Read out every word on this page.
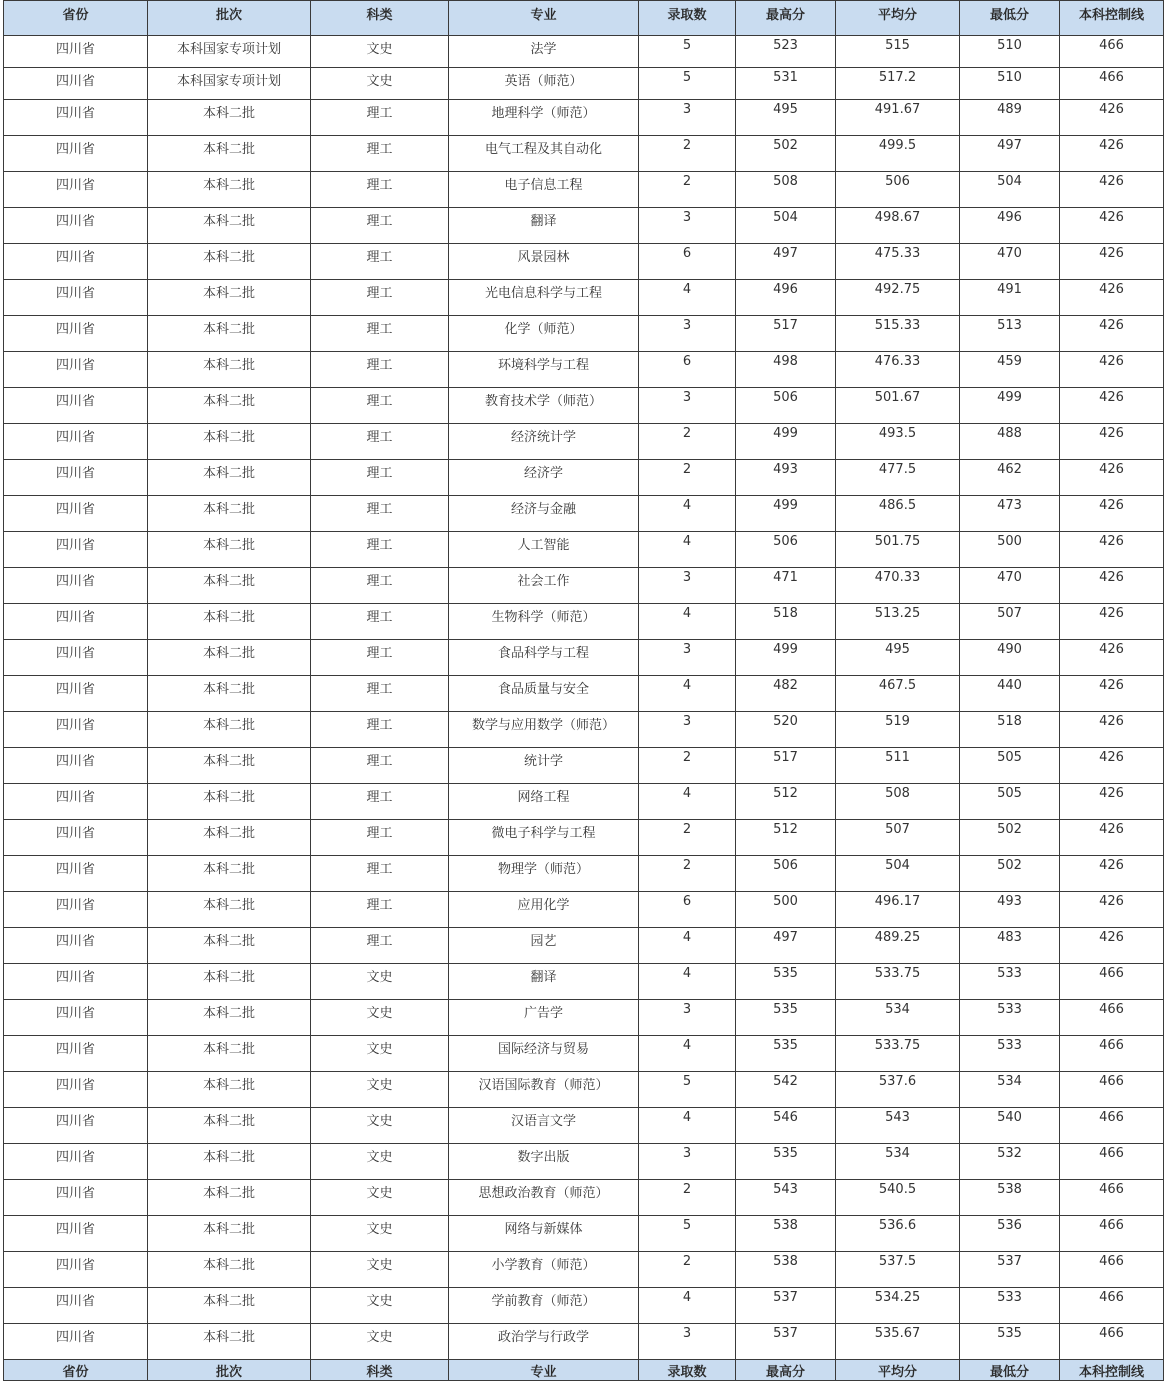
省份	批次	科类	专业	录取数	最高分	平均分	最低分	本科控制线
四川省	本科国家专项计划	文史	法学	5	523	515	510	466
四川省	本科国家专项计划	文史	英语（师范）	5	531	517.2	510	466
四川省	本科二批	理工	地理科学（师范）	3	495	491.67	489	426
四川省	本科二批	理工	电气工程及其自动化	2	502	499.5	497	426
四川省	本科二批	理工	电子信息工程	2	508	506	504	426
四川省	本科二批	理工	翻译	3	504	498.67	496	426
四川省	本科二批	理工	风景园林	6	497	475.33	470	426
四川省	本科二批	理工	光电信息科学与工程	4	496	492.75	491	426
四川省	本科二批	理工	化学（师范）	3	517	515.33	513	426
四川省	本科二批	理工	环境科学与工程	6	498	476.33	459	426
四川省	本科二批	理工	教育技术学（师范）	3	506	501.67	499	426
四川省	本科二批	理工	经济统计学	2	499	493.5	488	426
四川省	本科二批	理工	经济学	2	493	477.5	462	426
四川省	本科二批	理工	经济与金融	4	499	486.5	473	426
四川省	本科二批	理工	人工智能	4	506	501.75	500	426
四川省	本科二批	理工	社会工作	3	471	470.33	470	426
四川省	本科二批	理工	生物科学（师范）	4	518	513.25	507	426
四川省	本科二批	理工	食品科学与工程	3	499	495	490	426
四川省	本科二批	理工	食品质量与安全	4	482	467.5	440	426
四川省	本科二批	理工	数学与应用数学（师范）	3	520	519	518	426
四川省	本科二批	理工	统计学	2	517	511	505	426
四川省	本科二批	理工	网络工程	4	512	508	505	426
四川省	本科二批	理工	微电子科学与工程	2	512	507	502	426
四川省	本科二批	理工	物理学（师范）	2	506	504	502	426
四川省	本科二批	理工	应用化学	6	500	496.17	493	426
四川省	本科二批	理工	园艺	4	497	489.25	483	426
四川省	本科二批	文史	翻译	4	535	533.75	533	466
四川省	本科二批	文史	广告学	3	535	534	533	466
四川省	本科二批	文史	国际经济与贸易	4	535	533.75	533	466
四川省	本科二批	文史	汉语国际教育（师范）	5	542	537.6	534	466
四川省	本科二批	文史	汉语言文学	4	546	543	540	466
四川省	本科二批	文史	数字出版	3	535	534	532	466
四川省	本科二批	文史	思想政治教育（师范）	2	543	540.5	538	466
四川省	本科二批	文史	网络与新媒体	5	538	536.6	536	466
四川省	本科二批	文史	小学教育（师范）	2	538	537.5	537	466
四川省	本科二批	文史	学前教育（师范）	4	537	534.25	533	466
四川省	本科二批	文史	政治学与行政学	3	537	535.67	535	466
省份	批次	科类	专业	录取数	最高分	平均分	最低分	本科控制线
